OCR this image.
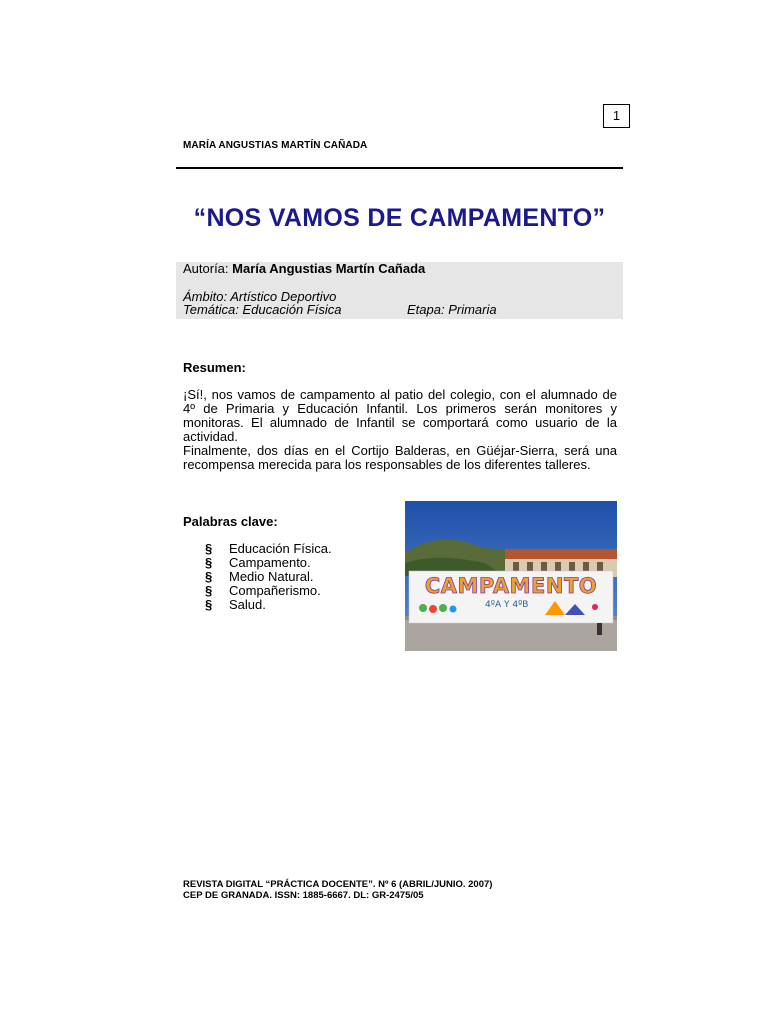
1
MARÍA ANGUSTIAS MARTÍN CAÑADA
“NOS VAMOS DE CAMPAMENTO”
Autoría: María Angustias Martín Cañada
Ámbito: Artístico Deportivo
Temática: Educación Física	Etapa: Primaria
Resumen:
¡Sí!, nos vamos de campamento al patio del colegio, con el alumnado de 4º de Primaria y Educación Infantil. Los primeros serán monitores y monitoras. El alumnado de Infantil se comportará como usuario de la actividad.
Finalmente, dos días en el Cortijo Balderas, en Güéjar-Sierra, será una recompensa merecida para los responsables de los diferentes talleres.
Palabras clave:
§ Educación Física.
§ Campamento.
§ Medio Natural.
§ Compañerismo.
§ Salud.
CAMPAMENTO
4ºA Y 4ºB
REVISTA DIGITAL “PRÁCTICA DOCENTE”. Nº 6 (ABRIL/JUNIO. 2007)
CEP DE GRANADA. ISSN: 1885-6667. DL: GR-2475/05
